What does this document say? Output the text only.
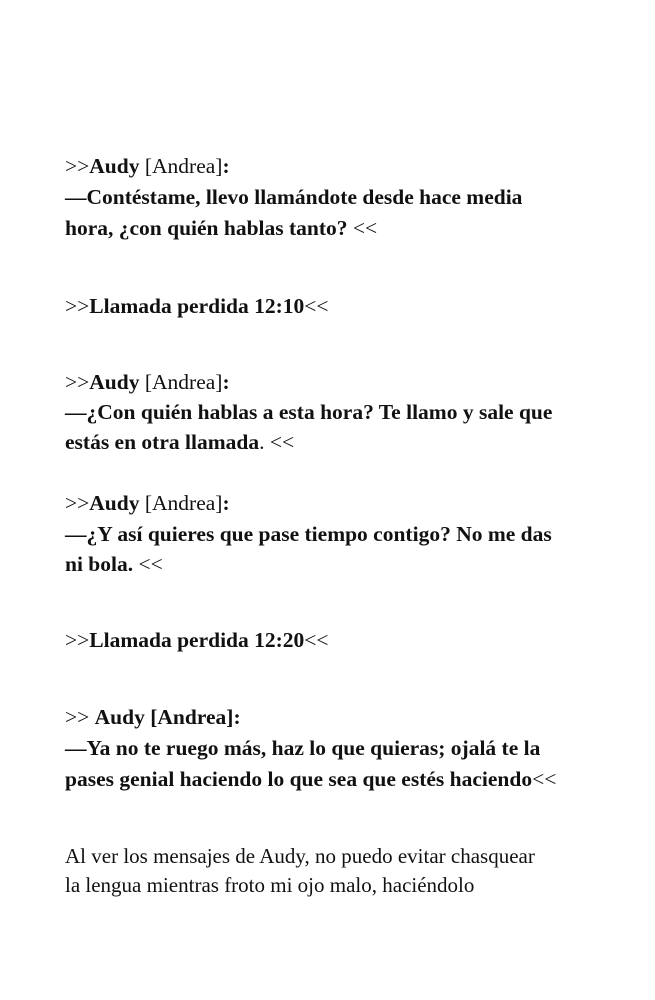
>>Audy [Andrea]:
—Contéstame, llevo llamándote desde hace media
hora, ¿con quién hablas tanto? <<
>>Llamada perdida 12:10<<
>>Audy [Andrea]:
—¿Con quién hablas a esta hora? Te llamo y sale que
estás en otra llamada. <<
>>Audy [Andrea]:
—¿Y así quieres que pase tiempo contigo? No me das
ni bola. <<
>>Llamada perdida 12:20<<
>> Audy [Andrea]:
—Ya no te ruego más, haz lo que quieras; ojalá te la
pases genial haciendo lo que sea que estés haciendo<<
Al ver los mensajes de Audy, no puedo evitar chasquear
la lengua mientras froto mi ojo malo, haciéndolo
